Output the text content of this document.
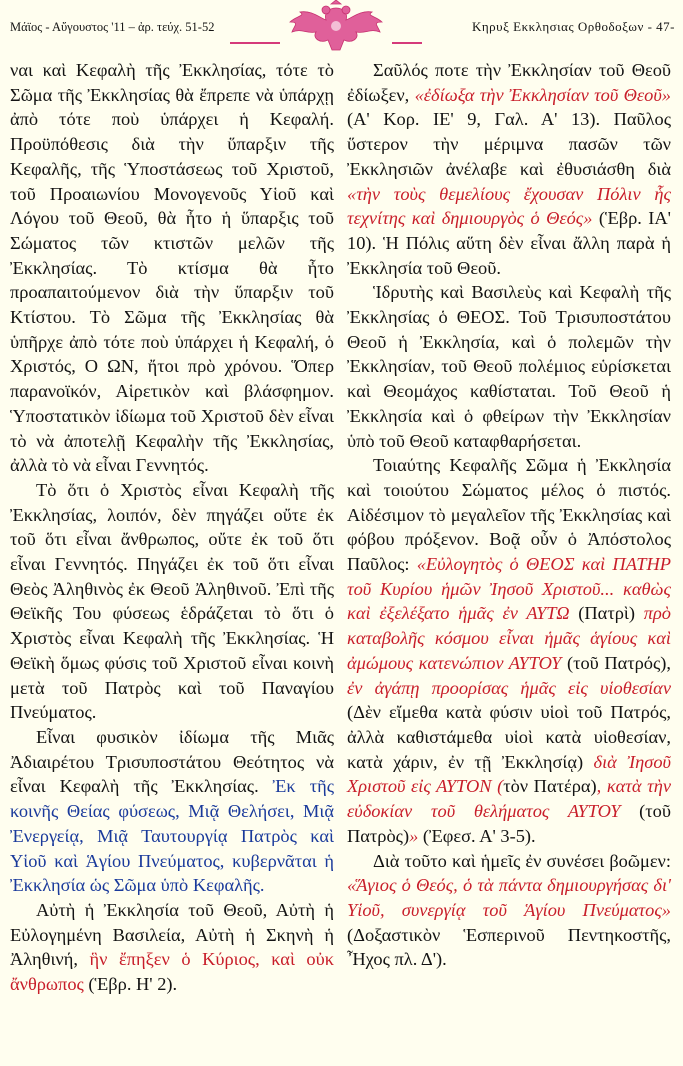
Μάϊος - Αὔγουστος '11 – ἀρ. τεύχ. 51-52	Κηρυξ Εκκλησιας Ορθοδοξων - 47-

ναι καὶ Κεφαλὴ τῆς Ἐκκλησίας, τότε τὸ Σῶμα τῆς Ἐκκλησίας θὰ ἔπρεπε νὰ ὑπάρχῃ ἀπὸ τότε ποὺ ὑπάρχει ἡ Κεφαλή. Προϋπόθεσις διὰ τὴν ὕπαρξιν τῆς Κεφαλῆς, τῆς Ὑποστάσεως τοῦ Χριστοῦ, τοῦ Προαιωνίου Μονογενοῦς Υἱοῦ καὶ Λόγου τοῦ Θεοῦ, θὰ ἦτο ἡ ὕπαρξις τοῦ Σώματος τῶν κτιστῶν μελῶν τῆς Ἐκκλησίας. Τὸ κτίσμα θὰ ἦτο προαπαιτούμενον διὰ τὴν ὕπαρξιν τοῦ Κτίστου. Τὸ Σῶμα τῆς Ἐκκλησίας θὰ ὑπῆρχε ἀπὸ τότε ποὺ ὑπάρχει ἡ Κεφαλή, ὁ Χριστός, Ο ΩΝ, ἤτοι πρὸ χρόνου. Ὅπερ παρανοϊκόν, Αἱρετικὸν καὶ βλάσφημον. Ὑποστατικὸν ἰδίωμα τοῦ Χριστοῦ δὲν εἶναι τὸ νὰ ἀποτελῇ Κεφαλὴν τῆς Ἐκκλησίας, ἀλλὰ τὸ νὰ εἶναι Γεννητός.

Τὸ ὅτι ὁ Χριστὸς εἶναι Κεφαλὴ τῆς Ἐκκλησίας, λοιπόν, δὲν πηγάζει οὔτε ἐκ τοῦ ὅτι εἶναι ἄνθρωπος, οὔτε ἐκ τοῦ ὅτι εἶναι Γεννητός. Πηγάζει ἐκ τοῦ ὅτι εἶναι Θεὸς Ἀληθινὸς ἐκ Θεοῦ Ἀληθινοῦ. Ἐπὶ τῆς Θεϊκῆς Του φύσεως ἑδράζεται τὸ ὅτι ὁ Χριστὸς εἶναι Κεφαλὴ τῆς Ἐκκλησίας. Ἡ Θεϊκὴ ὅμως φύσις τοῦ Χριστοῦ εἶναι κοινὴ μετὰ τοῦ Πατρὸς καὶ τοῦ Παναγίου Πνεύματος.

Εἶναι φυσικὸν ἰδίωμα τῆς Μιᾶς Ἀδιαιρέτου Τρισυποστάτου Θεότητος νὰ εἶναι Κεφαλὴ τῆς Ἐκκλησίας. Ἐκ τῆς κοινῆς Θείας φύσεως, Μιᾷ Θελήσει, Μιᾷ Ἐνεργείᾳ, Μιᾷ Ταυτουργίᾳ Πατρὸς καὶ Υἱοῦ καὶ Ἁγίου Πνεύματος, κυβερνᾶται ἡ Ἐκκλησία ὡς Σῶμα ὑπὸ Κεφαλῆς.

Αὐτὴ ἡ Ἐκκλησία τοῦ Θεοῦ, Αὐτὴ ἡ Εὐλογημένη Βασιλεία, Αὐτὴ ἡ Σκηνὴ ἡ Ἀληθινή, ἣν ἔπηξεν ὁ Κύριος, καὶ οὐκ ἄνθρωπος (Ἑβρ. Η' 2).

Σαῦλός ποτε τὴν Ἐκκλησίαν τοῦ Θεοῦ ἐδίωξεν, «ἐδίωξα τὴν Ἐκκλησίαν τοῦ Θεοῦ» (Α' Κορ. ΙΕ' 9, Γαλ. Α' 13). Παῦλος ὕστερον τὴν μέριμνα πασῶν τῶν Ἐκκλησιῶν ἀνέλαβε καὶ ἐθυσιάσθη διὰ «τὴν τοὺς θεμελίους ἔχουσαν Πόλιν ἧς τεχνίτης καὶ δημιουργὸς ὁ Θεός» (Ἑβρ. ΙΑ' 10). Ἡ Πόλις αὕτη δὲν εἶναι ἄλλη παρὰ ἡ Ἐκκλησία τοῦ Θεοῦ.

Ἱδρυτὴς καὶ Βασιλεὺς καὶ Κεφαλὴ τῆς Ἐκκλησίας ὁ ΘΕΟΣ. Τοῦ Τρισυποστάτου Θεοῦ ἡ Ἐκκλησία, καὶ ὁ πολεμῶν τὴν Ἐκκλησίαν, τοῦ Θεοῦ πολέμιος εὑρίσκεται καὶ Θεομάχος καθίσταται. Τοῦ Θεοῦ ἡ Ἐκκλησία καὶ ὁ φθείρων τὴν Ἐκκλησίαν ὑπὸ τοῦ Θεοῦ καταφθαρήσεται.

Τοιαύτης Κεφαλῆς Σῶμα ἡ Ἐκκλησία καὶ τοιούτου Σώματος μέλος ὁ πιστός. Αἰδέσιμον τὸ μεγαλεῖον τῆς Ἐκκλησίας καὶ φόβου πρόξενον. Βοᾷ οὖν ὁ Ἀπόστολος Παῦλος: «Εὐλογητὸς ὁ ΘΕΟΣ καὶ ΠΑΤΗΡ τοῦ Κυρίου ἡμῶν Ἰησοῦ Χριστοῦ... καθὼς καὶ ἐξελέξατο ἡμᾶς ἐν ΑΥΤΩ (Πατρὶ) πρὸ καταβολῆς κόσμου εἶναι ἡμᾶς ἁγίους καὶ ἀμώμους κατενώπιον ΑΥΤΟΥ (τοῦ Πατρός), ἐν ἀγάπῃ προορίσας ἡμᾶς εἰς υἱοθεσίαν (Δὲν εἴμεθα κατὰ φύσιν υἱοὶ τοῦ Πατρός, ἀλλὰ καθιστάμεθα υἱοὶ κατὰ υἱοθεσίαν, κατὰ χάριν, ἐν τῇ Ἐκκλησίᾳ) διὰ Ἰησοῦ Χριστοῦ εἰς ΑΥΤΟΝ (τὸν Πατέρα), κατὰ τὴν εὐδοκίαν τοῦ θελήματος ΑΥΤΟΥ (τοῦ Πατρὸς)» (Ἐφεσ. Α' 3-5).

Διὰ τοῦτο καὶ ἡμεῖς ἐν συνέσει βοῶμεν: «Ἅγιος ὁ Θεός, ὁ τὰ πάντα δημιουργήσας δι' Υἱοῦ, συνεργίᾳ τοῦ Ἁγίου Πνεύματος» (Δοξαστικὸν Ἑσπερινοῦ Πεντηκοστῆς, Ἦχος πλ. Δ').
